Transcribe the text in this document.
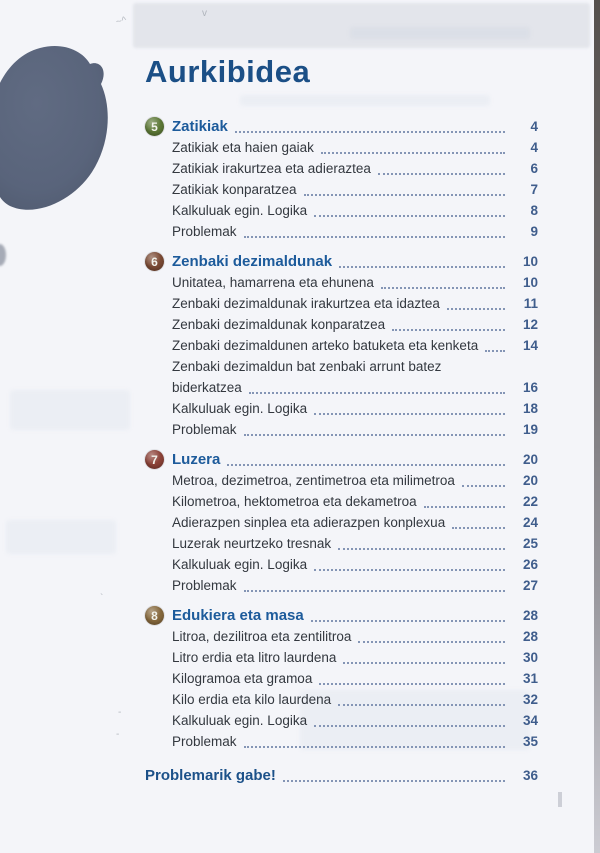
~^
v
-
-
`
Aurkibidea
5 Zatikiak	4
Zatikiak eta haien gaiak	4
Zatikiak irakurtzea eta adieraztea	6
Zatikiak konparatzea	7
Kalkuluak egin. Logika	8
Problemak	9
6 Zenbaki dezimaldunak	10
Unitatea, hamarrena eta ehunena	10
Zenbaki dezimaldunak irakurtzea eta idaztea	11
Zenbaki dezimaldunak konparatzea	12
Zenbaki dezimaldunen arteko batuketa eta kenketa	14
Zenbaki dezimaldun bat zenbaki arrunt batez
biderkatzea	16
Kalkuluak egin. Logika	18
Problemak	19
7 Luzera	20
Metroa, dezimetroa, zentimetroa eta milimetroa	20
Kilometroa, hektometroa eta dekametroa	22
Adierazpen sinplea eta adierazpen konplexua	24
Luzerak neurtzeko tresnak	25
Kalkuluak egin. Logika	26
Problemak	27
8 Edukiera eta masa	28
Litroa, dezilitroa eta zentilitroa	28
Litro erdia eta litro laurdena	30
Kilogramoa eta gramoa	31
Kilo erdia eta kilo laurdena	32
Kalkuluak egin. Logika	34
Problemak	35
Problemarik gabe!	36
